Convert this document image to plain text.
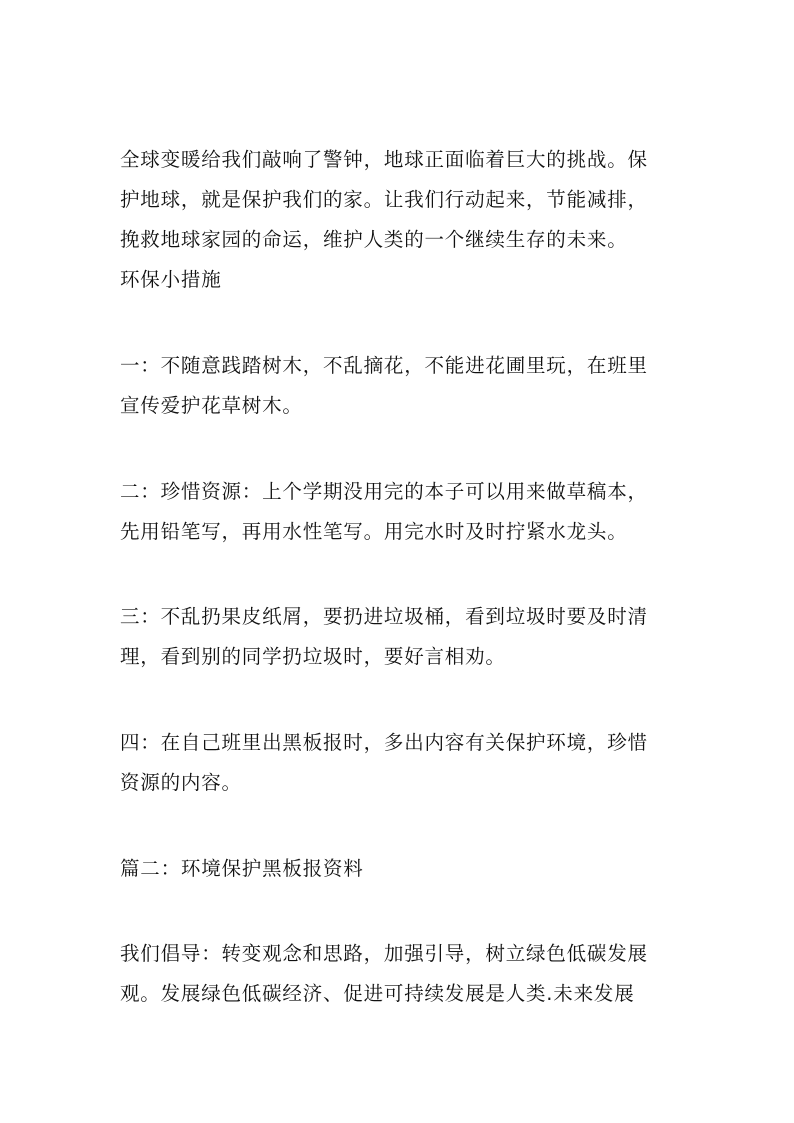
全球变暖给我们敲响了警钟，地球正面临着巨大的挑战。保
护地球，就是保护我们的家。让我们行动起来，节能减排，
挽救地球家园的命运，维护人类的一个继续生存的未来。
环保小措施
一：不随意践踏树木，不乱摘花，不能进花圃里玩，在班里
宣传爱护花草树木。
二：珍惜资源：上个学期没用完的本子可以用来做草稿本，
先用铅笔写，再用水性笔写。用完水时及时拧紧水龙头。
三：不乱扔果皮纸屑，要扔进垃圾桶，看到垃圾时要及时清
理，看到别的同学扔垃圾时，要好言相劝。
四：在自己班里出黑板报时，多出内容有关保护环境，珍惜
资源的内容。
篇二：环境保护黑板报资料
我们倡导：转变观念和思路，加强引导，树立绿色低碳发展
观。发展绿色低碳经济、促进可持续发展是人类.未来发展
